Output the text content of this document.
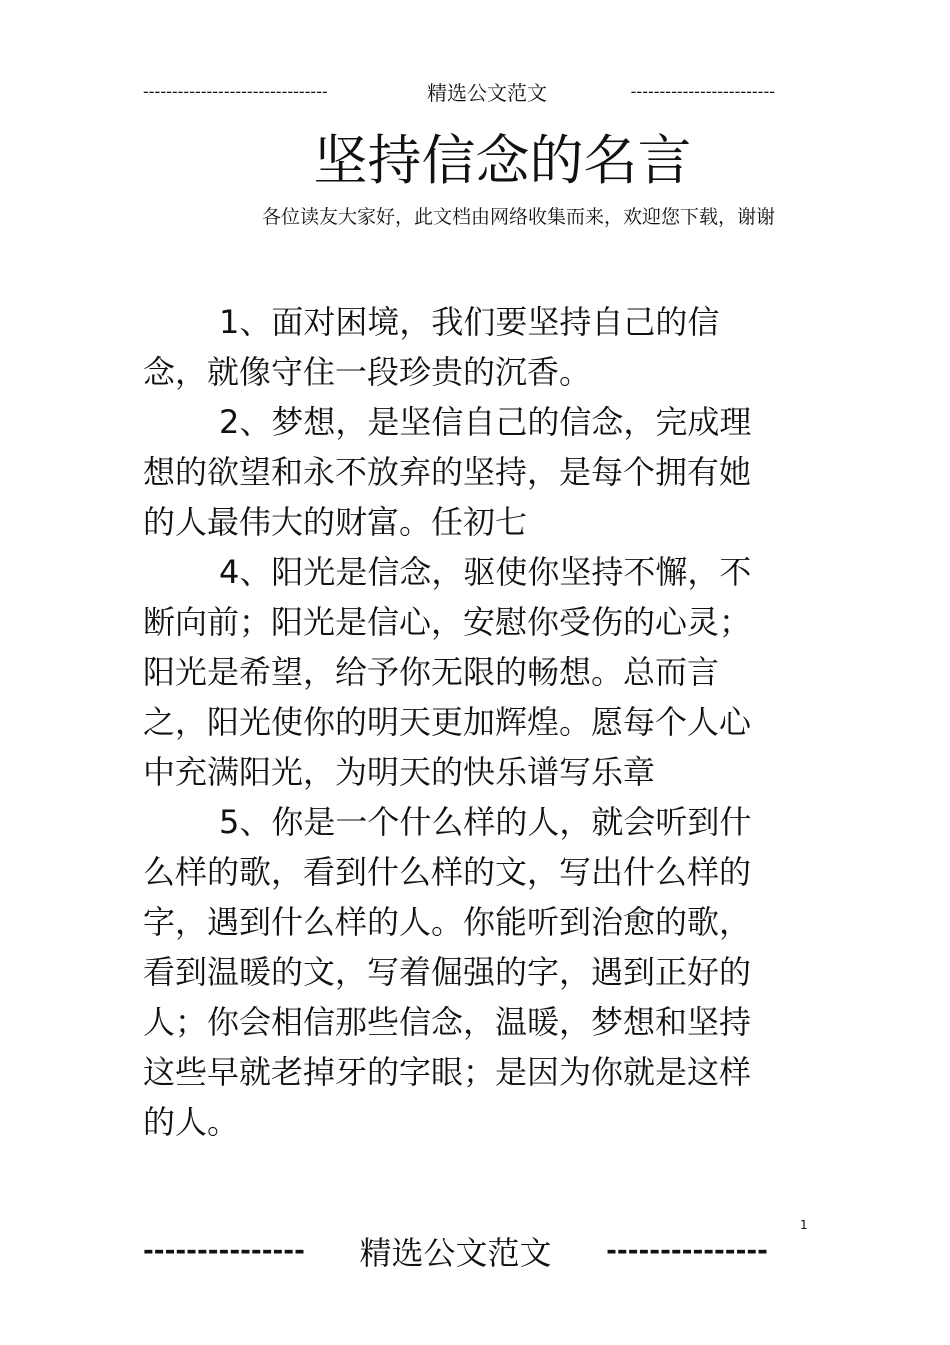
--------------------------------	精选公文范文	-------------------------
坚持信念的名言
各位读友大家好，此文档由网络收集而来，欢迎您下载，谢谢

1、面对困境，我们要坚持自己的信念，就像守住一段珍贵的沉香。

2、梦想，是坚信自己的信念，完成理想的欲望和永不放弃的坚持，是每个拥有她的人最伟大的财富。任初七

4、阳光是信念，驱使你坚持不懈，不断向前；阳光是信心，安慰你受伤的心灵；阳光是希望，给予你无限的畅想。总而言之，阳光使你的明天更加辉煌。愿每个人心中充满阳光，为明天的快乐谱写乐章

5、你是一个什么样的人，就会听到什么样的歌，看到什么样的文，写出什么样的字，遇到什么样的人。你能听到治愈的歌，看到温暖的文，写着倔强的字，遇到正好的人；你会相信那些信念，温暖，梦想和坚持这些早就老掉牙的字眼；是因为你就是这样的人。

1
---------------	精选公文范文	---------------
